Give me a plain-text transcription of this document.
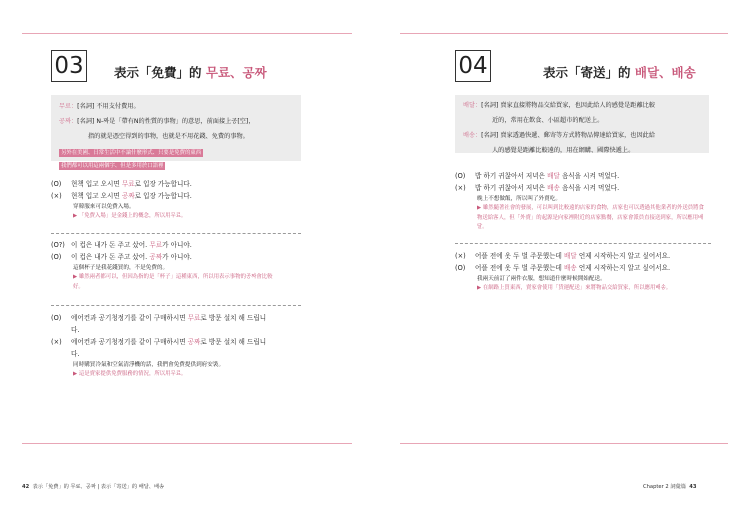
03 表示「免費」的 무료、공짜
무료：[名詞] 不用支付費用。
공짜：[名詞] N-짜是「帶有N的性質的事物」的意思，前面接上공[空]，
指的就是憑空得到的事物，也就是不用花錢、免費的事物。
另外在美國、日常生活中不論什麼形式、只要是免費的東西
我們都可以用這兩個字、但是多用於口語裡
(O) 현책 입고 오시면 무료로 입장 가능합니다.
(×) 현책 입고 오시면 공짜로 입장 가능합니다.
穿韓服來可以免費入場。
▶ 「免費入場」是金錢上的概念，所以用무료。
(O?) 이 컵은 내가 돈 주고 샀어. 무료가 아니야.
(O) 이 컵은 내가 돈 주고 샀어. 공짜가 아니야.
這個杯子是我花錢買的，不是免費的。
▶ 雖然兩者都可以，但因為指的是「杯子」這種東西，所以用表示事物的공짜會比較好。
(O) 에어컨과 공기청정기를 같이 구매하시면 무료로 방문 설치 해 드립니
다.
(×) 에어컨과 공기청정기를 같이 구매하시면 공짜로 방문 설치 해 드립니
다.
同時購買冷氣和空氣清淨機的話，我們會免費提供到府安裝。
▶ 這是賣家提供免費服務的情況，所以用무료。
42 表示「免費」的 무료、공짜 | 表示「寄送」的 배달、배송
04	表示「寄送」的 배달、배송
배달：[名詞] 賣家直接將物品交給買家，也因此給人的感覺是距離比較
近的，常用在飲食、小區超市的配送上。
배송：[名詞] 賣家透過快遞、郵寄等方式將物品傳達給買家，也因此給
人的感覺是距離比較遠的，用在網購、國際快遞上。
(O) 밥 하기 귀찮아서 저녁은 배달 음식을 시켜 먹었다.
(×) 밥 하기 귀찮아서 저녁은 배송 음식을 시켜 먹었다.
晚上不想做飯，所以叫了外賣吃。
▶ 雖然隨著社會的發展，可以叫到比較遠的店家的食物，店家也可以透過其他業者的外送員將食物送給客人，但「外賣」的起源是向家裡附近的店家點餐，店家會派員直接送到家，所以應用배달。
(×) 어플 전에 옷 두 벌 주문했는데 배달 언제 시작하는지 알고 싶어서요.
(O) 어플 전에 옷 두 벌 주문했는데 배송 언제 시작하는지 알고 싶어서요.
我兩天前訂了兩件衣服，想知道什麼時候開始配送。
▶ 在網路上買東西，賣家會使用「貨運配送」來將物品交給買家，所以應用배송。
Chapter 2 詞彙篇 43
